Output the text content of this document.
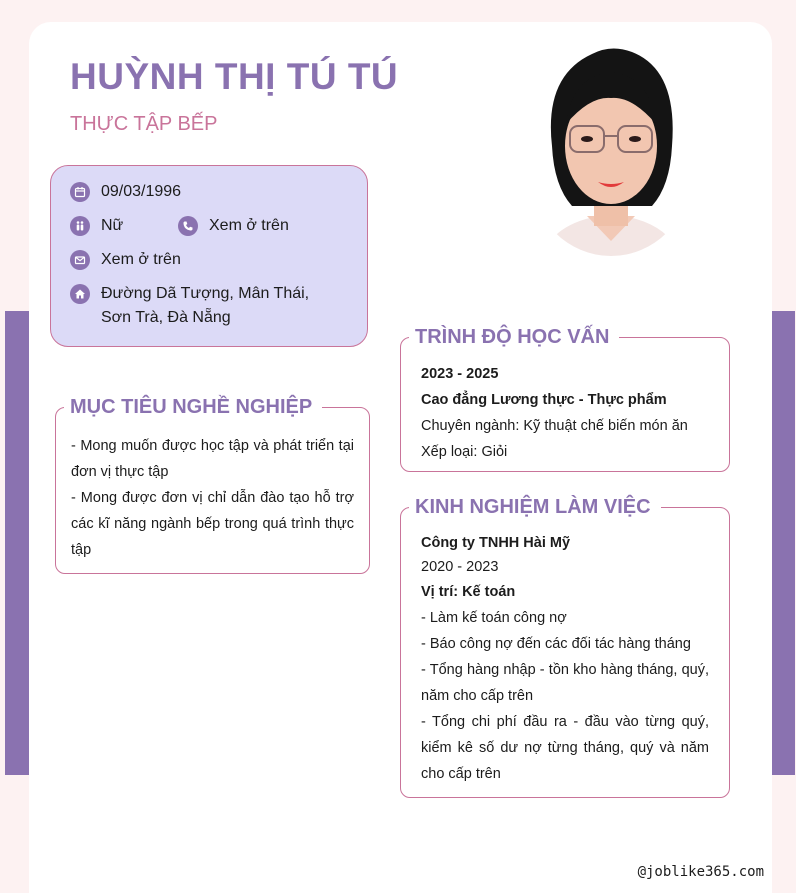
HUỲNH THỊ TÚ TÚ
THỰC TẬP BẾP
09/03/1996
Nữ	Xem ở trên
Xem ở trên
Đường Dã Tượng, Mân Thái, Sơn Trà, Đà Nẵng
TRÌNH ĐỘ HỌC VẤN
2023 - 2025
Cao đẳng Lương thực - Thực phẩm
Chuyên ngành: Kỹ thuật chế biến món ăn
Xếp loại: Giỏi
MỤC TIÊU NGHỀ NGHIỆP
- Mong muốn được học tập và phát triển tại đơn vị thực tập
- Mong được đơn vị chỉ dẫn đào tạo hỗ trợ các kĩ năng ngành bếp trong quá trình thực tập
KINH NGHIỆM LÀM VIỆC
Công ty TNHH Hài Mỹ
2020 - 2023
Vị trí: Kế toán
- Làm kế toán công nợ
- Báo công nợ đến các đối tác hàng tháng
- Tổng hàng nhập - tồn kho hàng tháng, quý, năm cho cấp trên
- Tổng chi phí đầu ra - đầu vào từng quý, kiểm kê số dư nợ từng tháng, quý và năm cho cấp trên
@joblike365.com
